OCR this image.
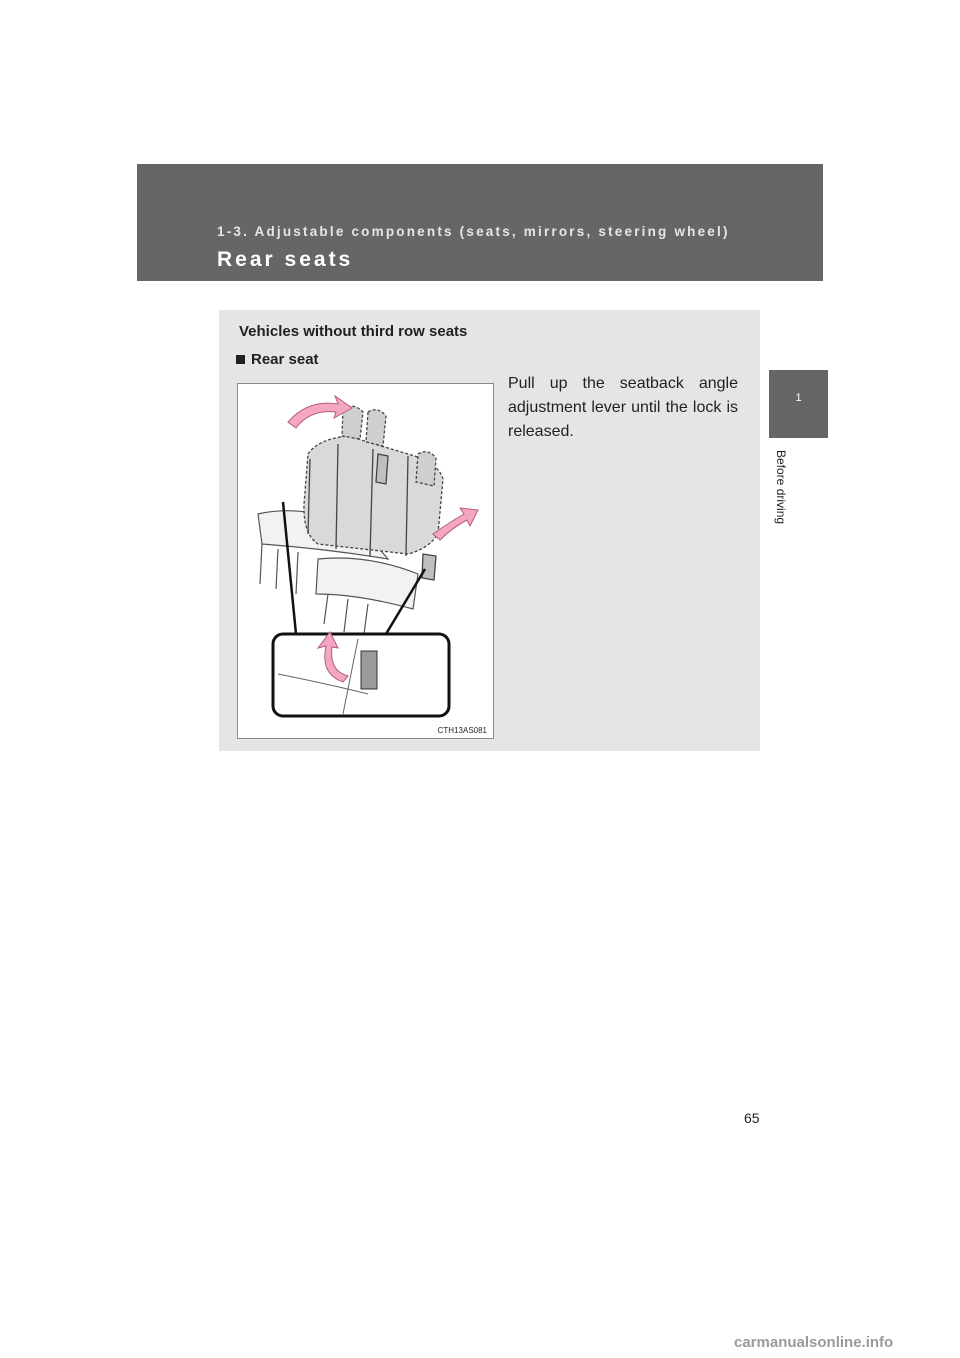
1-3. Adjustable components (seats, mirrors, steering wheel)
Rear seats
1
Before driving
Vehicles without third row seats
Rear seat
Pull up the seatback angle adjustment lever until the lock is released.
CTH13AS081
65
carmanualsonline.info
